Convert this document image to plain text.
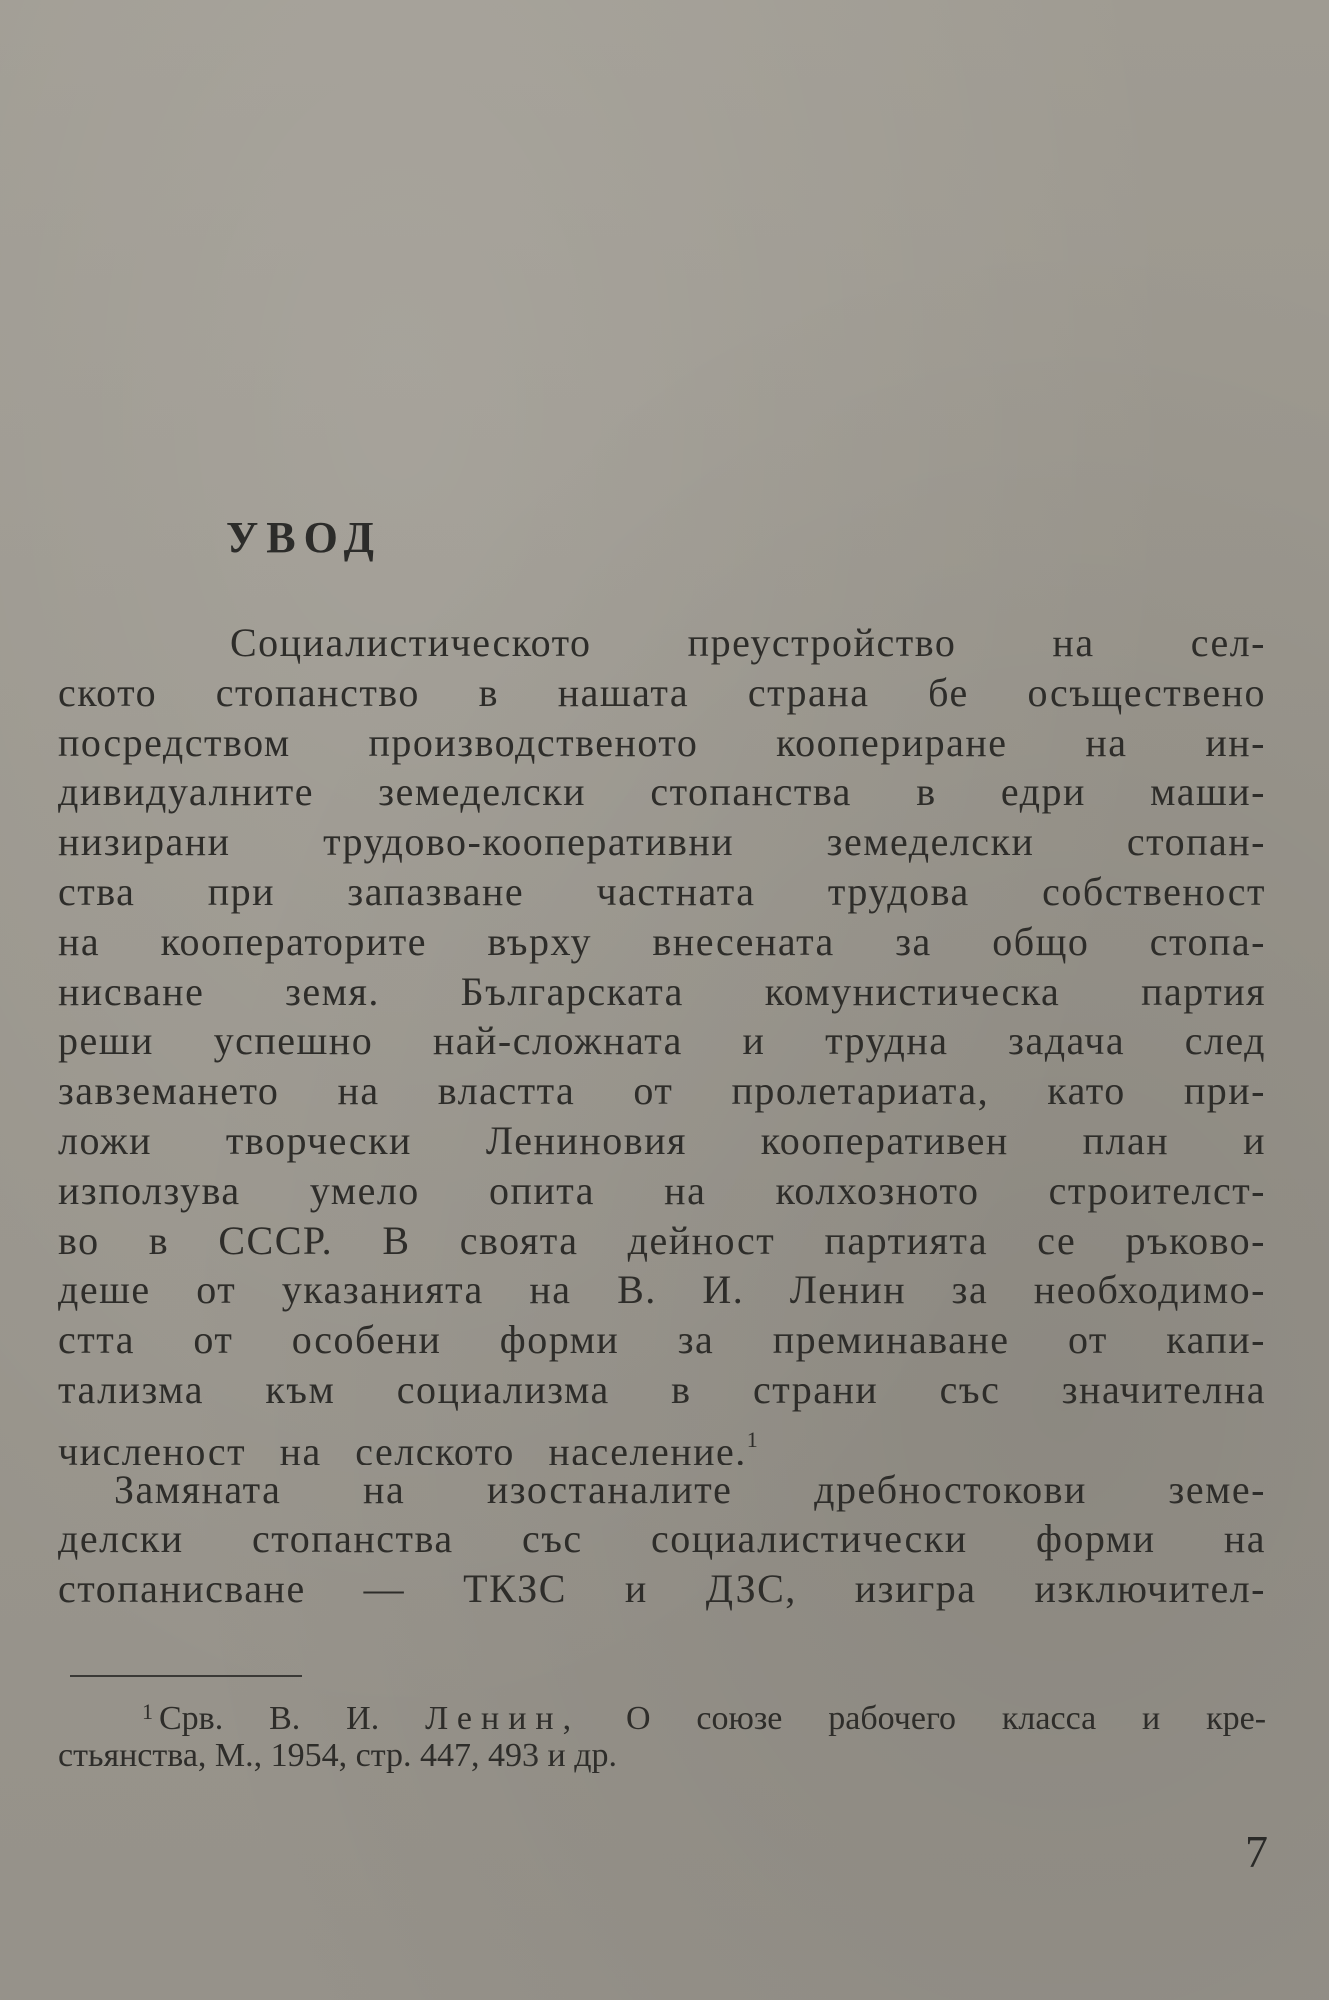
УВОД
Социалистическото преустройство на сел-
ското стопанство в нашата страна бе осъществено
посредством производственото коопериране на ин-
дивидуалните земеделски стопанства в едри маши-
низирани трудово-кооперативни земеделски стопан-
ства при запазване частната трудова собственост
на кооператорите върху внесената за общо стопа-
нисване земя. Българската комунистическа партия
реши успешно най-сложната и трудна задача след
завземането на властта от пролетариата, като при-
ложи творчески Лениновия кооперативен план и
използува умело опита на колхозното строителст-
во в СССР. В своята дейност партията се ръково-
деше от указанията на В. И. Ленин за необходимо-
стта от особени форми за преминаване от капи-
тализма към социализма в страни със значителна
численост на селското население.$^1$
Замяната на изостаналите дребностокови земе-
делски стопанства със социалистически форми на
стопанисване — ТКЗС и ДЗС, изигра изключител-
$^1$ Срв. В. И. Ленин, О союзе рабочего класса и кре-
стьянства, М., 1954, стр. 447, 493 и др.
7
